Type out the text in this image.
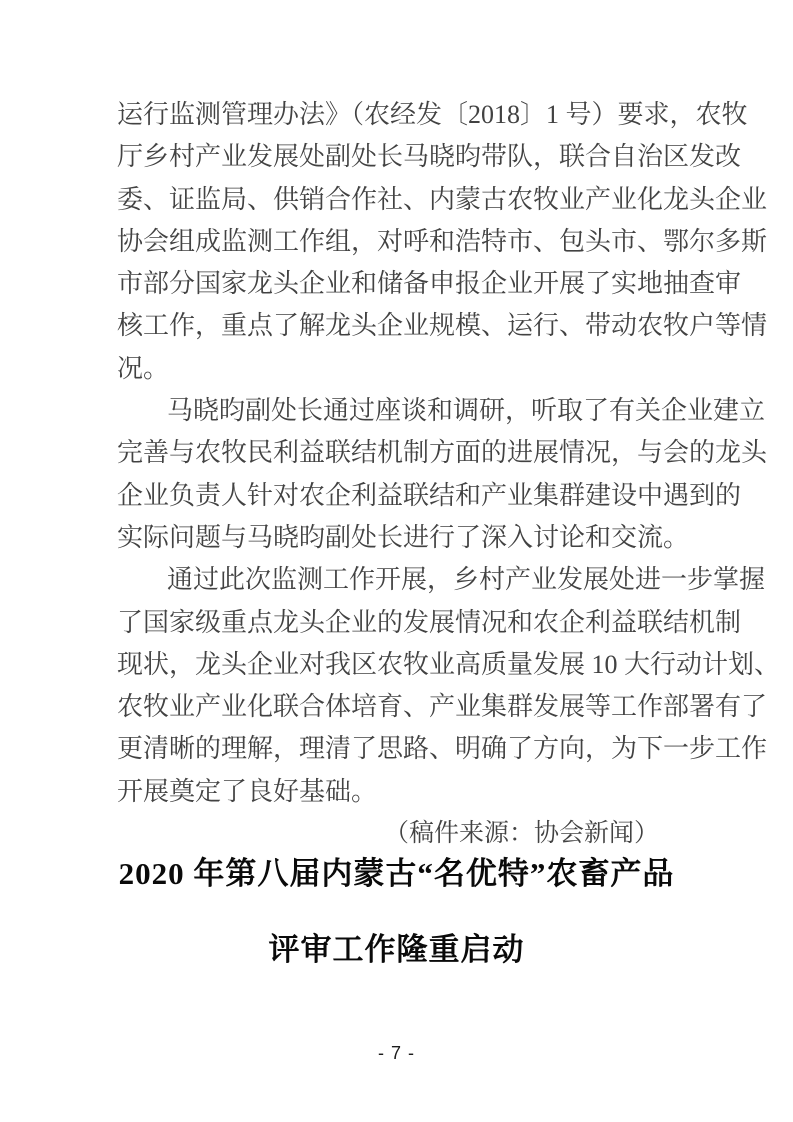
运行监测管理办法》（农经发〔2018〕1 号）要求，农牧
厅乡村产业发展处副处长马晓昀带队，联合自治区发改
委、证监局、供销合作社、内蒙古农牧业产业化龙头企业
协会组成监测工作组，对呼和浩特市、包头市、鄂尔多斯
市部分国家龙头企业和储备申报企业开展了实地抽查审
核工作，重点了解龙头企业规模、运行、带动农牧户等情
况。
马晓昀副处长通过座谈和调研，听取了有关企业建立
完善与农牧民利益联结机制方面的进展情况，与会的龙头
企业负责人针对农企利益联结和产业集群建设中遇到的
实际问题与马晓昀副处长进行了深入讨论和交流。
通过此次监测工作开展，乡村产业发展处进一步掌握
了国家级重点龙头企业的发展情况和农企利益联结机制
现状，龙头企业对我区农牧业高质量发展 10 大行动计划、
农牧业产业化联合体培育、产业集群发展等工作部署有了
更清晰的理解，理清了思路、明确了方向，为下一步工作
开展奠定了良好基础。
（稿件来源：协会新闻）
2020 年第八届内蒙古“名优特”农畜产品
评审工作隆重启动
- 7 -
